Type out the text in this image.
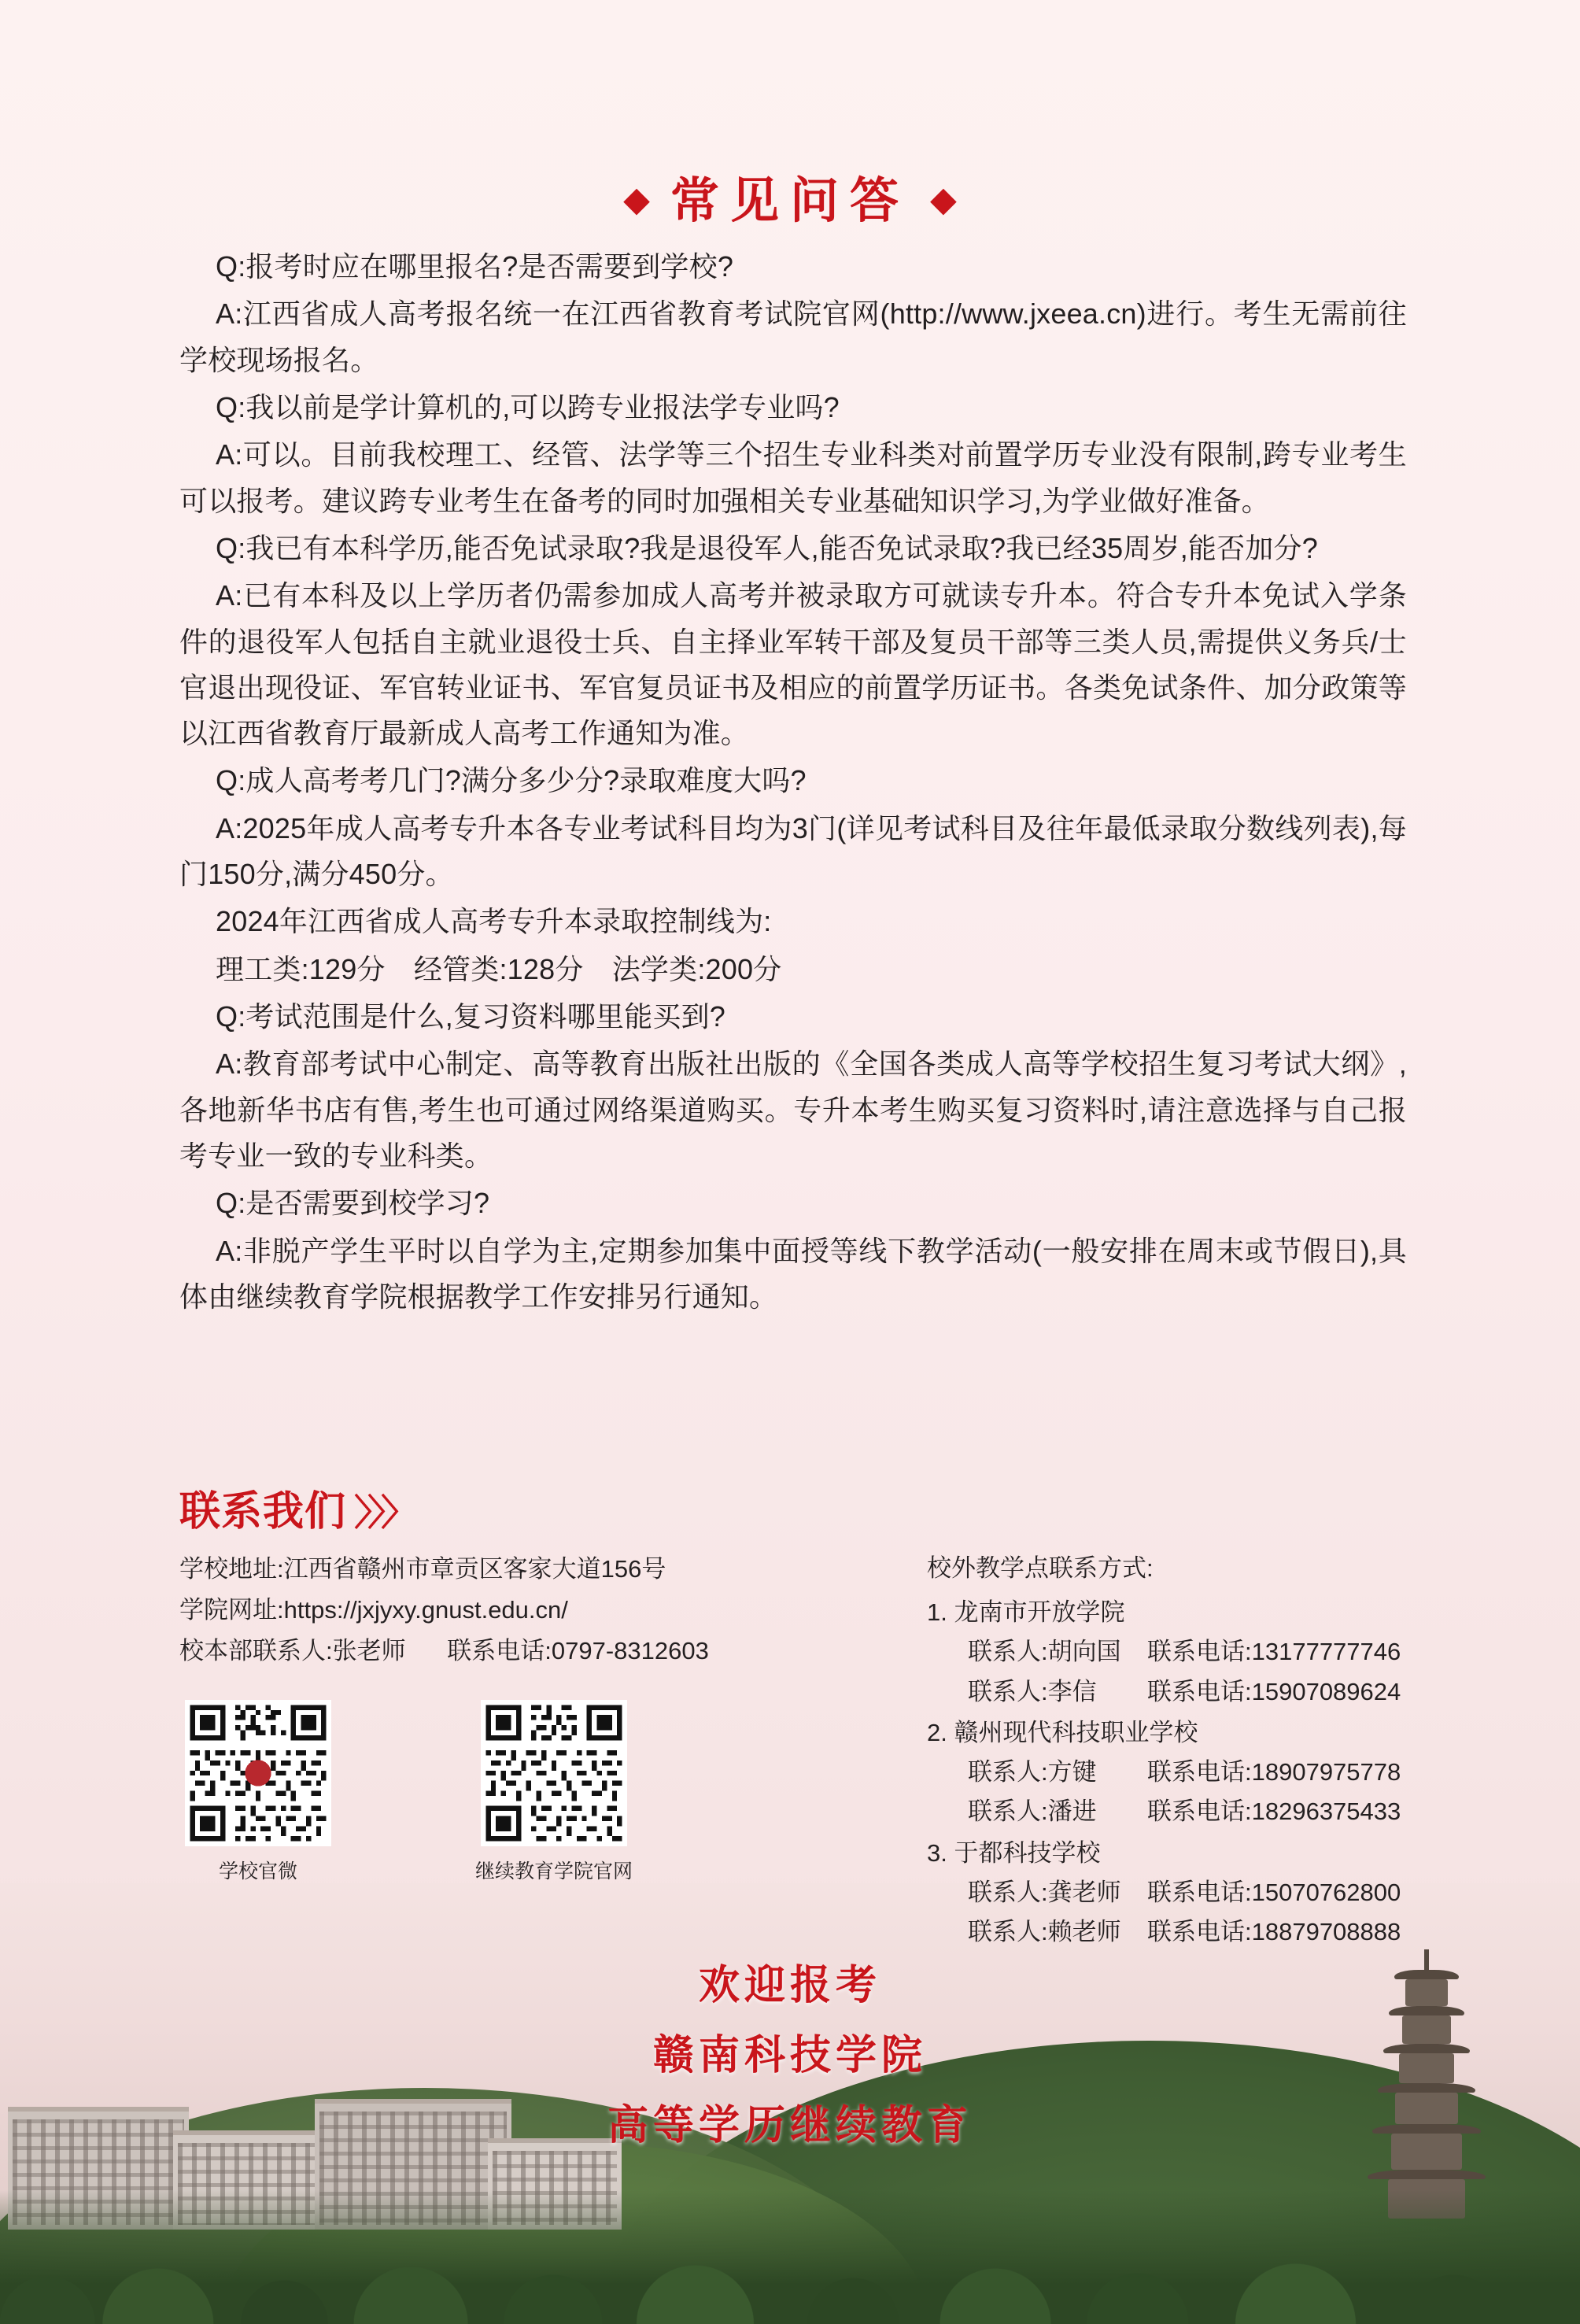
◆ 常见问答 ◆

Q:报考时应在哪里报名?是否需要到学校?

A:江西省成人高考报名统一在江西省教育考试院官网(http://www.jxeea.cn)进行。考生无需前往学校现场报名。

Q:我以前是学计算机的,可以跨专业报法学专业吗?

A:可以。目前我校理工、经管、法学等三个招生专业科类对前置学历专业没有限制,跨专业考生可以报考。建议跨专业考生在备考的同时加强相关专业基础知识学习,为学业做好准备。

Q:我已有本科学历,能否免试录取?我是退役军人,能否免试录取?我已经35周岁,能否加分?

A:已有本科及以上学历者仍需参加成人高考并被录取方可就读专升本。符合专升本免试入学条件的退役军人包括自主就业退役士兵、自主择业军转干部及复员干部等三类人员,需提供义务兵/士官退出现役证、军官转业证书、军官复员证书及相应的前置学历证书。各类免试条件、加分政策等以江西省教育厅最新成人高考工作通知为准。

Q:成人高考考几门?满分多少分?录取难度大吗?

A:2025年成人高考专升本各专业考试科目均为3门(详见考试科目及往年最低录取分数线列表),每门150分,满分450分。

2024年江西省成人高考专升本录取控制线为:

理工类:129分　经管类:128分　法学类:200分

Q:考试范围是什么,复习资料哪里能买到?

A:教育部考试中心制定、高等教育出版社出版的《全国各类成人高等学校招生复习考试大纲》,各地新华书店有售,考生也可通过网络渠道购买。专升本考生购买复习资料时,请注意选择与自己报考专业一致的专业科类。

Q:是否需要到校学习?

A:非脱产学生平时以自学为主,定期参加集中面授等线下教学活动(一般安排在周末或节假日),具体由继续教育学院根据教学工作安排另行通知。

联系我们 〉〉〉
学校地址:江西省赣州市章贡区客家大道156号
学院网址:https://jxjyxy.gnust.edu.cn/
校本部联系人:张老师 联系电话:0797-8312603
学校官微	继续教育学院官网
校外教学点联系方式:
1. 龙南市开放学院
联系人:胡向国	联系电话:13177777746
联系人:李信	联系电话:15907089624
2. 赣州现代科技职业学校
联系人:方键	联系电话:18907975778
联系人:潘进	联系电话:18296375433
3. 于都科技学校
联系人:龚老师	联系电话:15070762800
联系人:赖老师	联系电话:18879708888
欢迎报考
赣南科技学院
高等学历继续教育
